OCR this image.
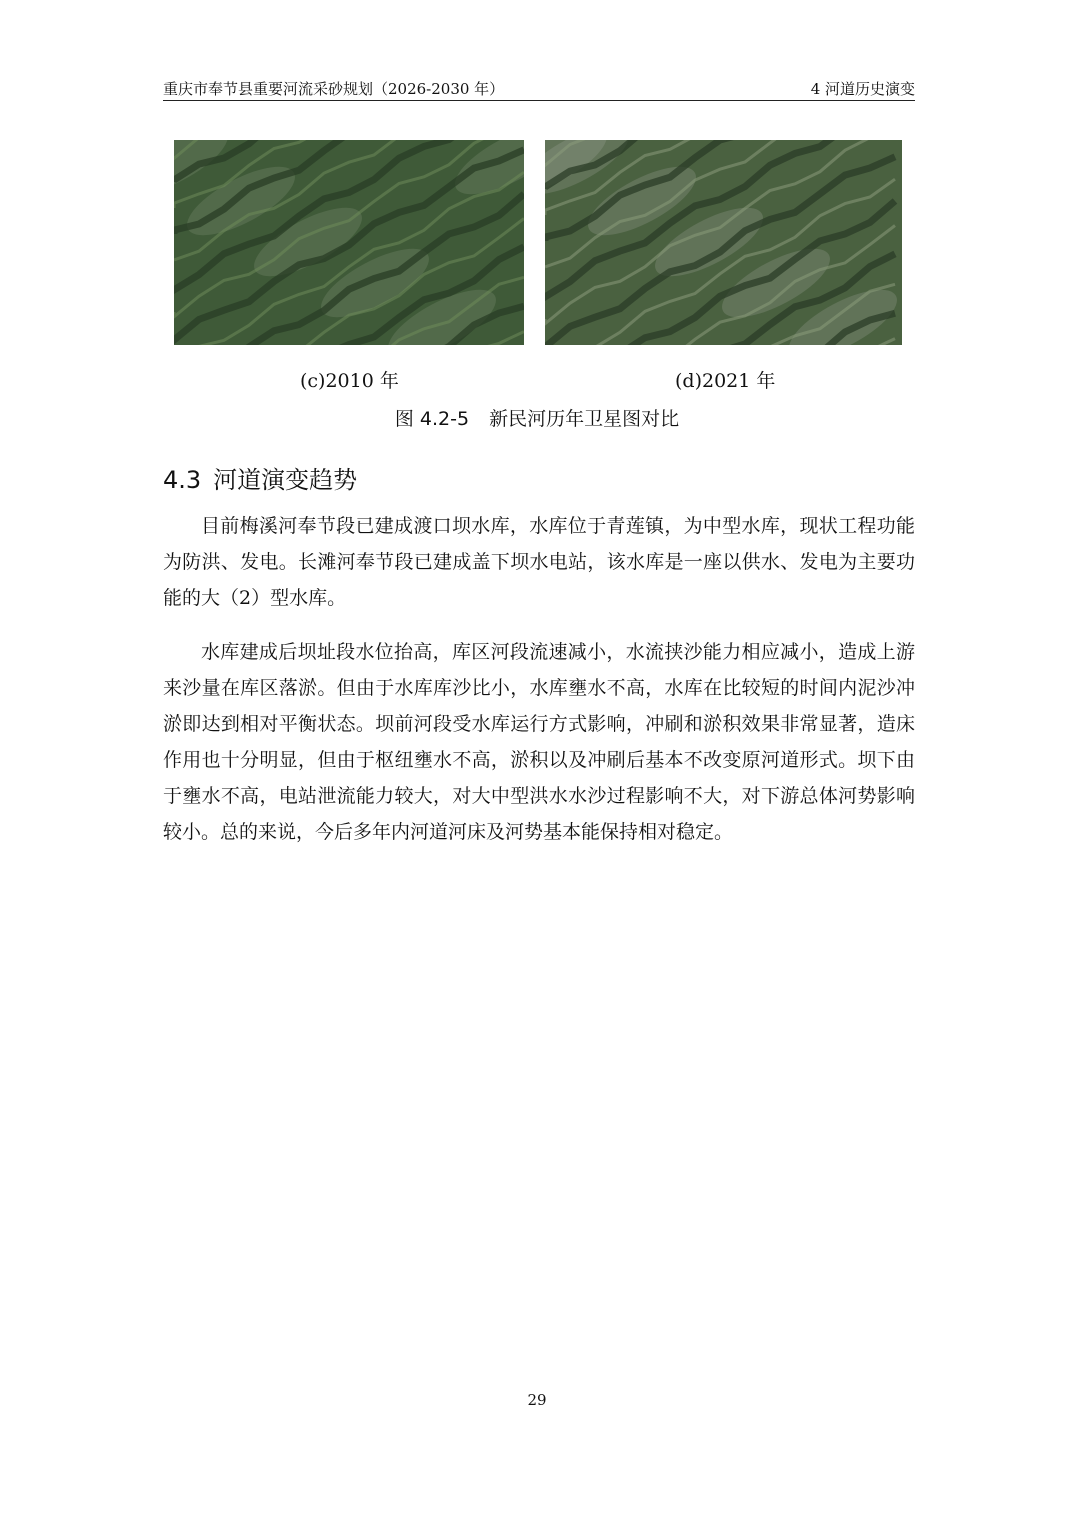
重庆市奉节县重要河流采砂规划（2026-2030 年）	4 河道历史演变
(c)2010 年	(d)2021 年
图 4.2-5 新民河历年卫星图对比
4.3 河道演变趋势

目前梅溪河奉节段已建成渡口坝水库，水库位于青莲镇，为中型水库，现状工程功能为防洪、发电。长滩河奉节段已建成盖下坝水电站，该水库是一座以供水、发电为主要功能的大（2）型水库。

水库建成后坝址段水位抬高，库区河段流速减小，水流挟沙能力相应减小，造成上游来沙量在库区落淤。但由于水库库沙比小，水库壅水不高，水库在比较短的时间内泥沙冲淤即达到相对平衡状态。坝前河段受水库运行方式影响，冲刷和淤积效果非常显著，造床作用也十分明显，但由于枢纽壅水不高，淤积以及冲刷后基本不改变原河道形式。坝下由于壅水不高，电站泄流能力较大，对大中型洪水水沙过程影响不大，对下游总体河势影响较小。总的来说，今后多年内河道河床及河势基本能保持相对稳定。

29
